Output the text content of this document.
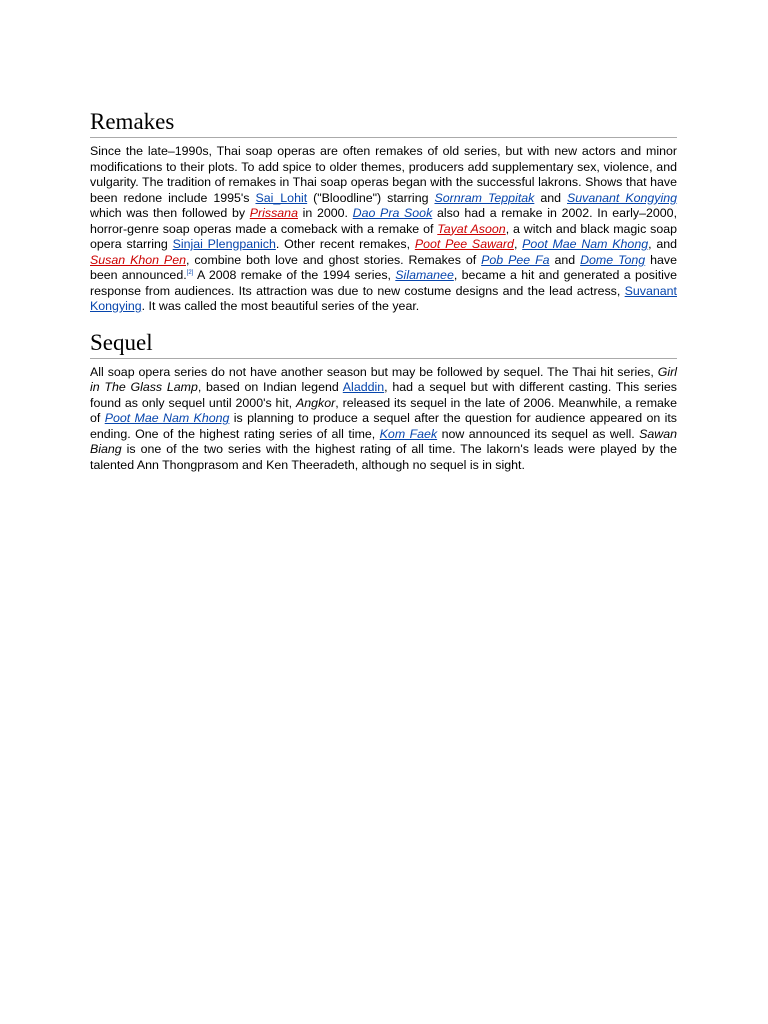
Remakes

Since the late–1990s, Thai soap operas are often remakes of old series, but with new actors and minor modifications to their plots. To add spice to older themes, producers add supplementary sex, violence, and vulgarity. The tradition of remakes in Thai soap operas began with the successful lakrons. Shows that have been redone include 1995's Sai_Lohit ("Bloodline") starring Sornram Teppitak and Suvanant Kongying which was then followed by Prissana in 2000. Dao Pra Sook also had a remake in 2002. In early–2000, horror-genre soap operas made a comeback with a remake of Tayat Asoon, a witch and black magic soap opera starring Sinjai Plengpanich. Other recent remakes, Poot Pee Saward, Poot Mae Nam Khong, and Susan Khon Pen, combine both love and ghost stories. Remakes of Pob Pee Fa and Dome Tong have been announced.[2] A 2008 remake of the 1994 series, Silamanee, became a hit and generated a positive response from audiences. Its attraction was due to new costume designs and the lead actress, Suvanant Kongying. It was called the most beautiful series of the year.

Sequel

All soap opera series do not have another season but may be followed by sequel. The Thai hit series, Girl in The Glass Lamp, based on Indian legend Aladdin, had a sequel but with different casting. This series found as only sequel until 2000's hit, Angkor, released its sequel in the late of 2006. Meanwhile, a remake of Poot Mae Nam Khong is planning to produce a sequel after the question for audience appeared on its ending. One of the highest rating series of all time, Kom Faek now announced its sequel as well. Sawan Biang is one of the two series with the highest rating of all time. The lakorn's leads were played by the talented Ann Thongprasom and Ken Theeradeth, although no sequel is in sight.
